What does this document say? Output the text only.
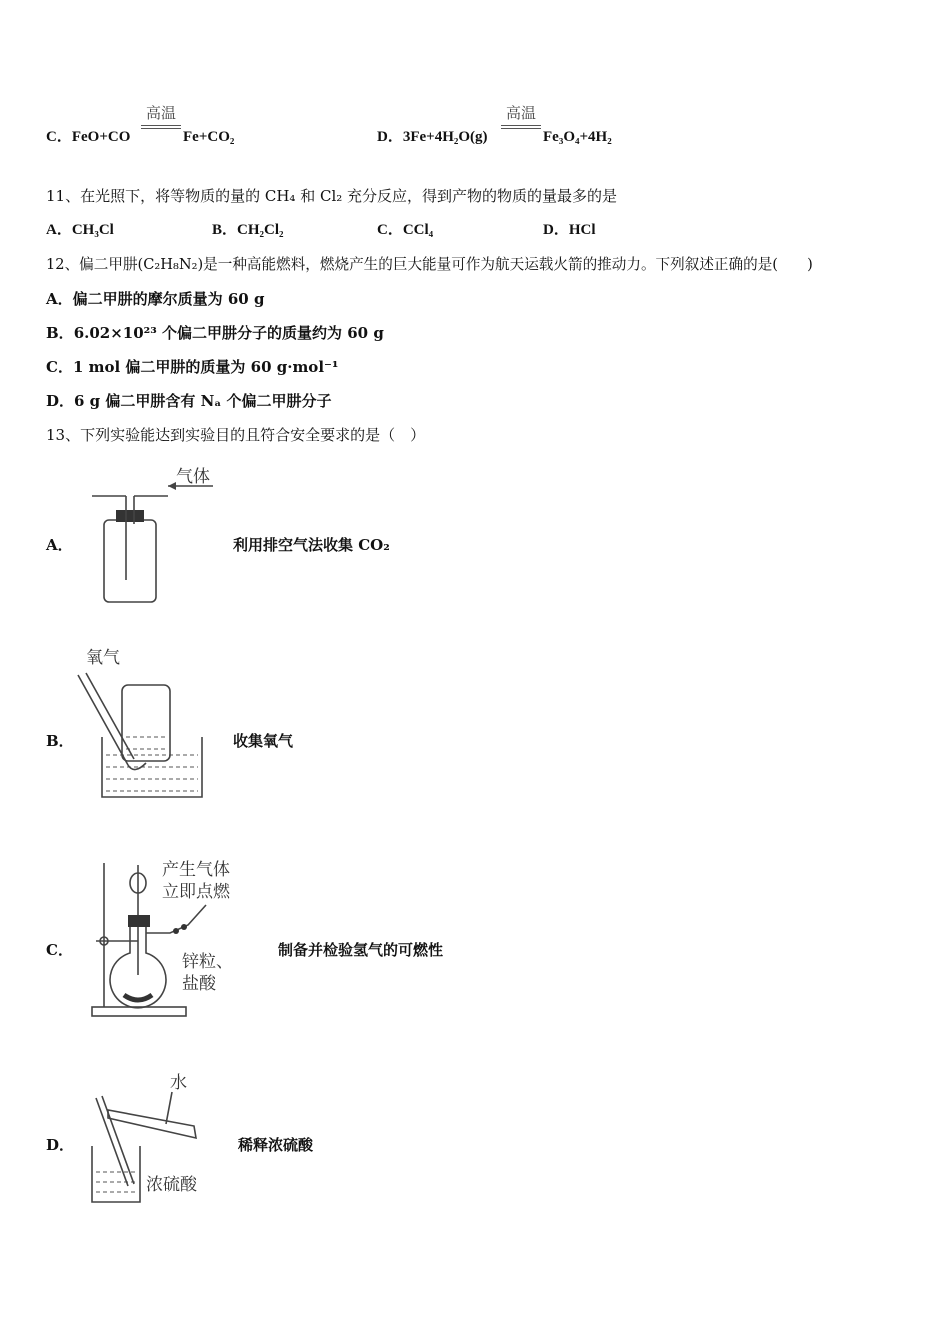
C．FeO+CO
高温
Fe+CO₂	D．3Fe+4H₂O(g)
高温
Fe₃O₄+4H₂
11、在光照下，将等物质的量的 CH₄ 和 Cl₂ 充分反应，得到产物的物质的量最多的是
A．CH₃Cl	B．CH₂Cl₂	C．CCl₄	D．HCl
12、偏二甲肼(C₂H₈N₂)是一种高能燃料，燃烧产生的巨大能量可作为航天运载火箭的推动力。下列叙述正确的是(　　)
A．偏二甲肼的摩尔质量为 60 g
B．6.02×10²³ 个偏二甲肼分子的质量约为 60 g
C．1 mol 偏二甲肼的质量为 60 g·mol⁻¹
D．6 g 偏二甲肼含有 Nₐ 个偏二甲肼分子
13、下列实验能达到实验目的且符合安全要求的是（　）
A．
气体
利用排空气法收集 CO₂
B．
氧气
收集氧气
C．
产生气体
立即点燃
锌粒、
盐酸
制备并检验氢气的可燃性
D．
水
浓硫酸
稀释浓硫酸
